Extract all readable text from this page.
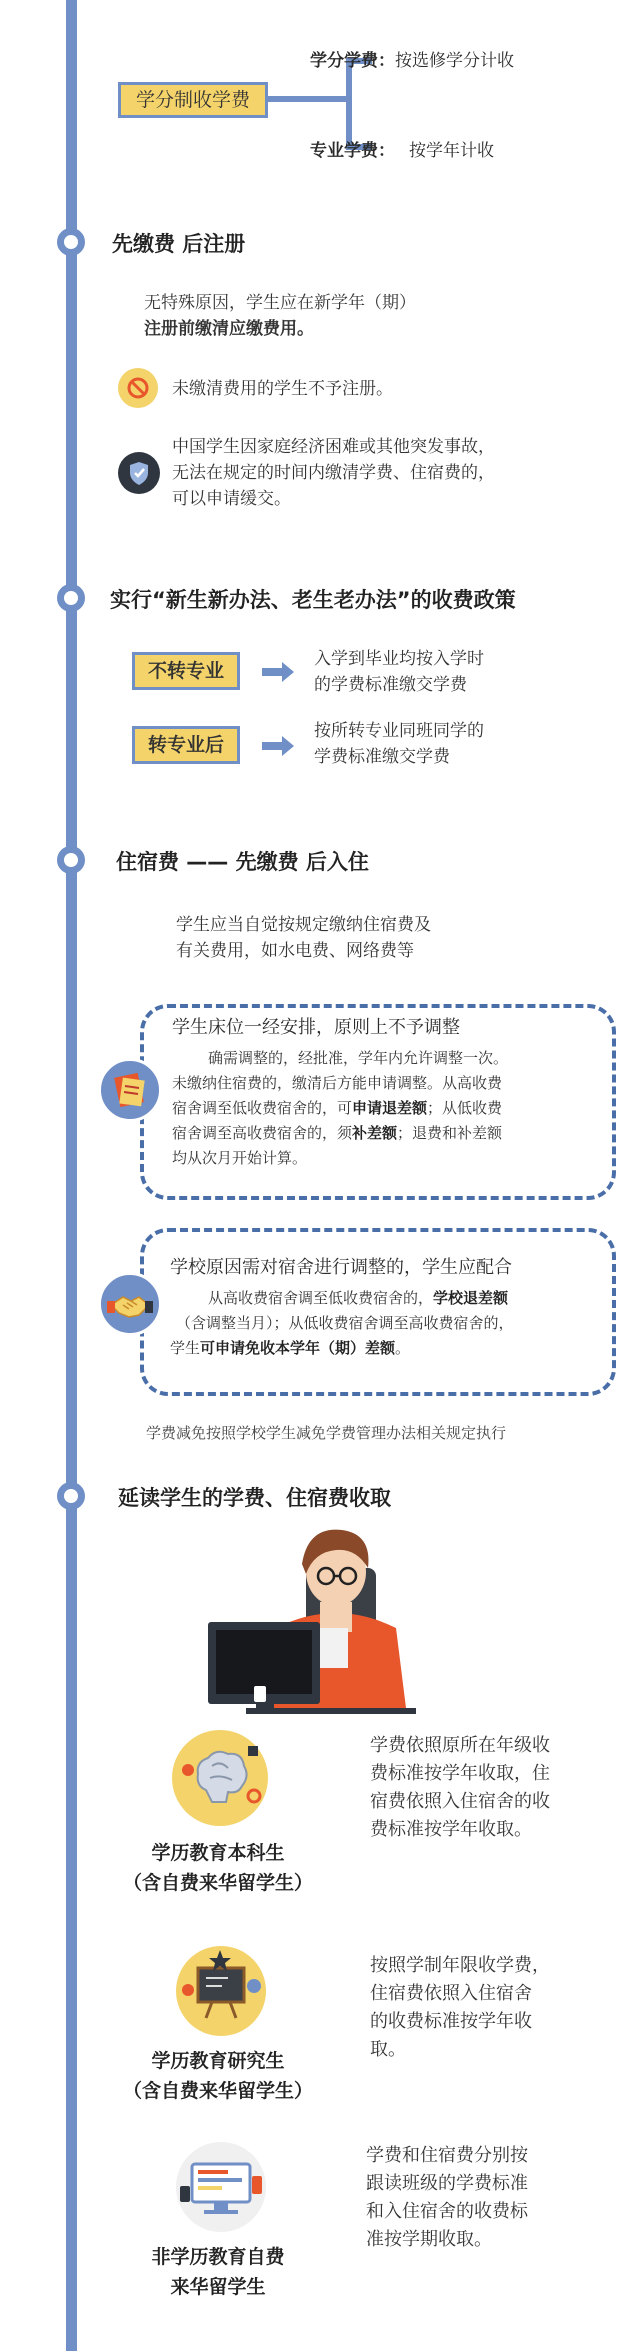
学分制收学费
学分学费：按选修学分计收
专业学费： 按学年计收
先缴费 后注册
无特殊原因，学生应在新学年（期）
注册前缴清应缴费用。
未缴清费用的学生不予注册。
中国学生因家庭经济困难或其他突发事故，
无法在规定的时间内缴清学费、住宿费的，
可以申请缓交。
实行“新生新办法、老生老办法”的收费政策
不转专业
入学到毕业均按入学时
的学费标准缴交学费
转专业后
按所转专业同班同学的
学费标准缴交学费
住宿费 —— 先缴费 后入住
学生应当自觉按规定缴纳住宿费及
有关费用，如水电费、网络费等
学生床位一经安排，原则上不予调整
确需调整的，经批准，学年内允许调整一次。
未缴纳住宿费的，缴清后方能申请调整。从高收费
宿舍调至低收费宿舍的，可申请退差额；从低收费
宿舍调至高收费宿舍的，须补差额；退费和补差额
均从次月开始计算。
学校原因需对宿舍进行调整的，学生应配合
从高收费宿舍调至低收费宿舍的，学校退差额
（含调整当月）；从低收费宿舍调至高收费宿舍的，
学生可申请免收本学年（期）差额。
学费减免按照学校学生减免学费管理办法相关规定执行
延读学生的学费、住宿费收取
学历教育本科生
（含自费来华留学生）
学费依照原所在年级收
费标准按学年收取，住
宿费依照入住宿舍的收
费标准按学年收取。
学历教育研究生
（含自费来华留学生）
按照学制年限收学费，
住宿费依照入住宿舍
的收费标准按学年收
取。
非学历教育自费
来华留学生
学费和住宿费分别按
跟读班级的学费标准
和入住宿舍的收费标
准按学期收取。
